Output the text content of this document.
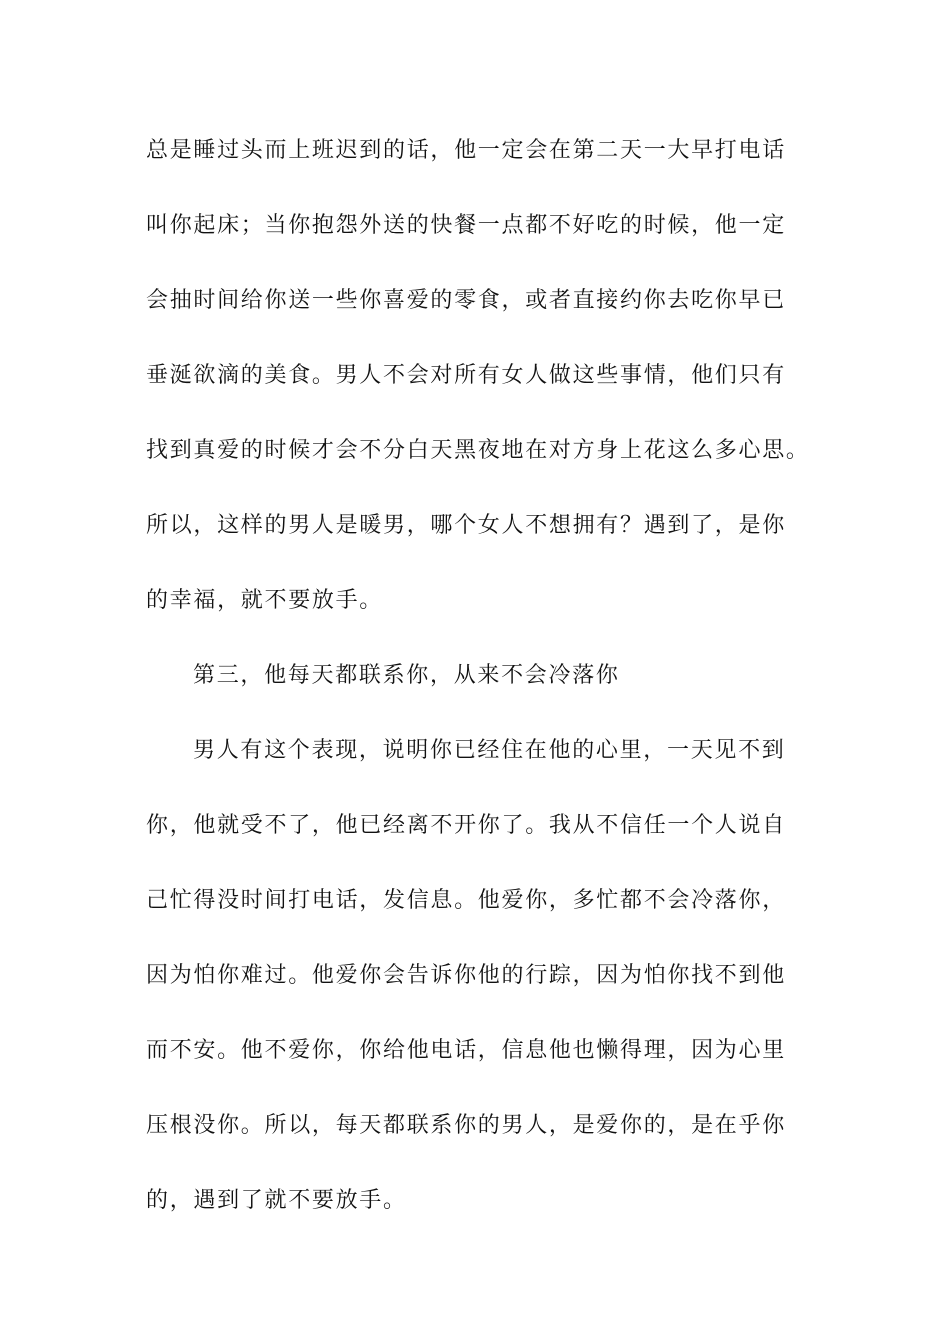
总是睡过头而上班迟到的话，他一定会在第二天一大早打电话
叫你起床；当你抱怨外送的快餐一点都不好吃的时候，他一定
会抽时间给你送一些你喜爱的零食，或者直接约你去吃你早已
垂涎欲滴的美食。男人不会对所有女人做这些事情，他们只有
找到真爱的时候才会不分白天黑夜地在对方身上花这么多心思。
所以，这样的男人是暖男，哪个女人不想拥有？遇到了，是你
的幸福，就不要放手。
第三，他每天都联系你，从来不会冷落你
男人有这个表现，说明你已经住在他的心里，一天见不到
你，他就受不了，他已经离不开你了。我从不信任一个人说自
己忙得没时间打电话，发信息。他爱你，多忙都不会冷落你，
因为怕你难过。他爱你会告诉你他的行踪，因为怕你找不到他
而不安。他不爱你，你给他电话，信息他也懒得理，因为心里
压根没你。所以，每天都联系你的男人，是爱你的，是在乎你
的，遇到了就不要放手。
